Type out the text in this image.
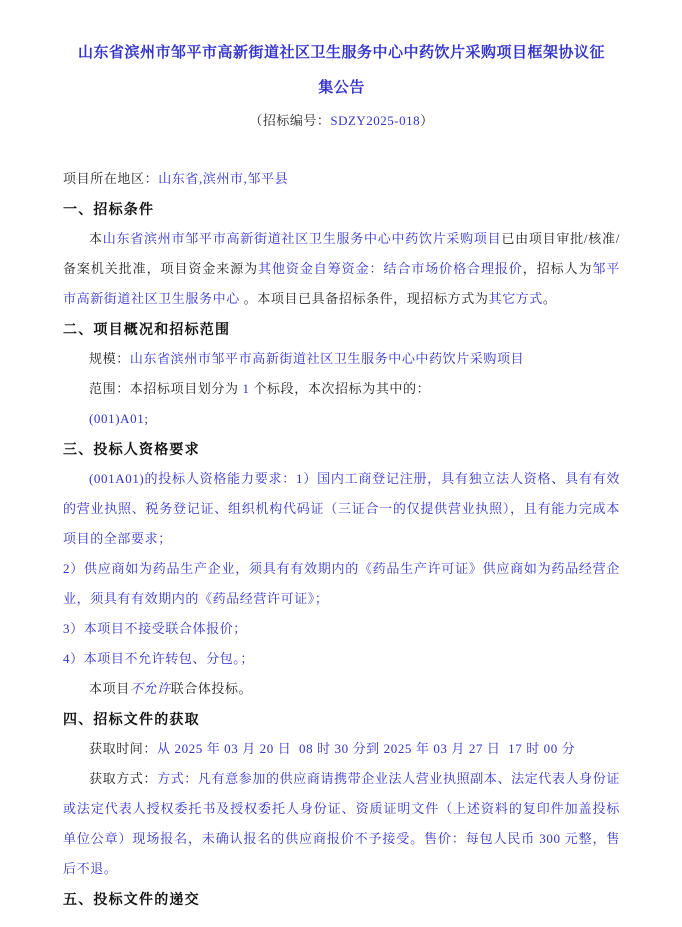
山东省滨州市邹平市高新街道社区卫生服务中心中药饮片采购项目框架协议征
集公告
（招标编号：SDZY2025-018）

项目所在地区：山东省,滨州市,邹平县

一、招标条件

本山东省滨州市邹平市高新街道社区卫生服务中心中药饮片采购项目已由项目审批/核准/备案机关批准，项目资金来源为其他资金自筹资金：结合市场价格合理报价，招标人为邹平市高新街道社区卫生服务中心 。本项目已具备招标条件，现招标方式为其它方式。

二、项目概况和招标范围

规模：山东省滨州市邹平市高新街道社区卫生服务中心中药饮片采购项目

范围：本招标项目划分为 1 个标段，本次招标为其中的：

(001)A01;

三、投标人资格要求

(001A01)的投标人资格能力要求：1）国内工商登记注册，具有独立法人资格、具有有效的营业执照、税务登记证、组织机构代码证（三证合一的仅提供营业执照），且有能力完成本项目的全部要求；

2）供应商如为药品生产企业，须具有有效期内的《药品生产许可证》供应商如为药品经营企业，须具有有效期内的《药品经营许可证》；

3）本项目不接受联合体报价；

4）本项目不允许转包、分包。；

本项目不允许联合体投标。

四、招标文件的获取

获取时间：从 2025 年 03 月 20 日  08 时 30 分到 2025 年 03 月 27 日  17 时 00 分

获取方式：方式：凡有意参加的供应商请携带企业法人营业执照副本、法定代表人身份证或法定代表人授权委托书及授权委托人身份证、资质证明文件（上述资料的复印件加盖投标单位公章）现场报名，未确认报名的供应商报价不予接受。售价：每包人民币 300 元整，售后不退。

五、投标文件的递交
